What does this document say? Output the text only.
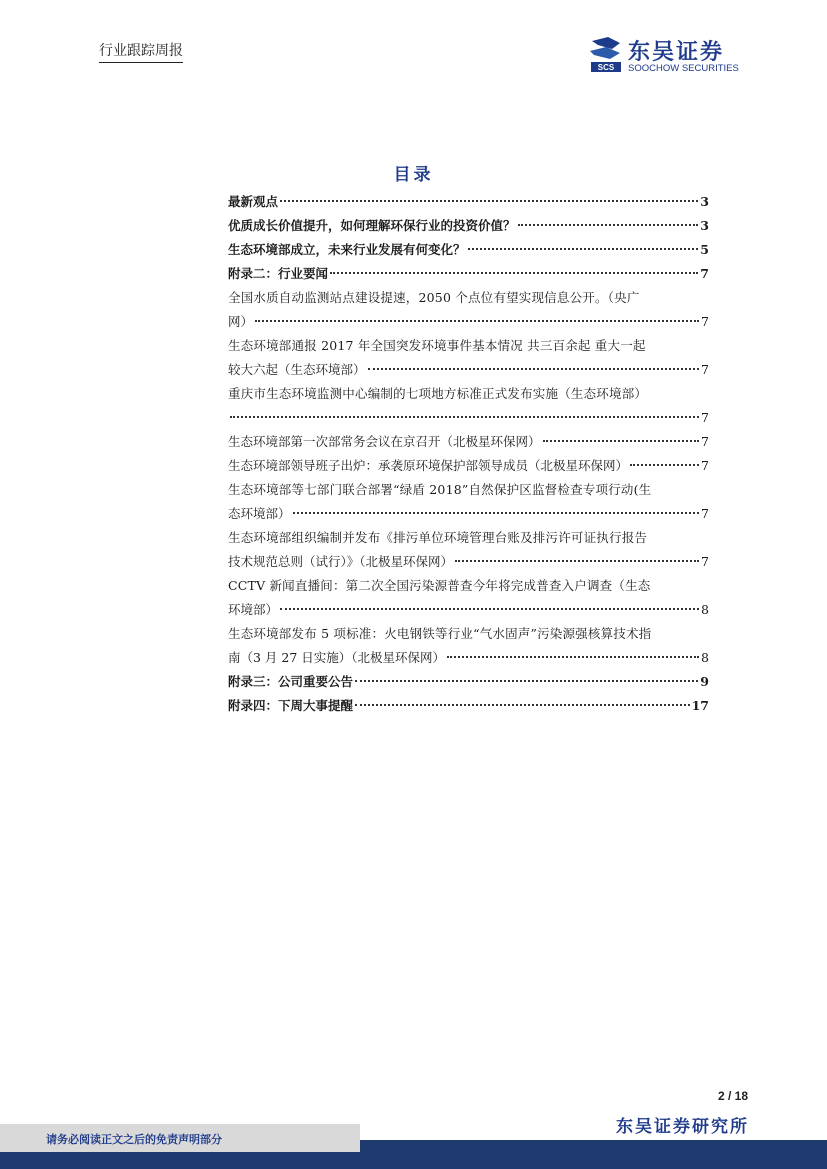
行业跟踪周报
SCS
东吴证券
SOOCHOW SECURITIES
目录
最新观点	3
优质成长价值提升，如何理解环保行业的投资价值？	3
生态环境部成立，未来行业发展有何变化？	5
附录二：行业要闻	7
全国水质自动监测站点建设提速，2050 个点位有望实现信息公开。（央广
网）	7
生态环境部通报 2017 年全国突发环境事件基本情况 共三百余起 重大一起
较大六起（生态环境部）	7
重庆市生态环境监测中心编制的七项地方标准正式发布实施（生态环境部）
7
生态环境部第一次部常务会议在京召开（北极星环保网）	7
生态环境部领导班子出炉：承袭原环境保护部领导成员（北极星环保网）	7
生态环境部等七部门联合部署“绿盾 2018”自然保护区监督检查专项行动(生
态环境部）	7
生态环境部组织编制并发布《排污单位环境管理台账及排污许可证执行报告
技术规范总则（试行）》（北极星环保网）	7
CCTV 新闻直播间：第二次全国污染源普查今年将完成普查入户调查（生态
环境部）	8
生态环境部发布 5 项标准：火电钢铁等行业“气水固声”污染源强核算技术指
南（3 月 27 日实施）（北极星环保网）	8
附录三：公司重要公告	9
附录四：下周大事提醒	17
2 / 18
东吴证券研究所
请务必阅读正文之后的免责声明部分
